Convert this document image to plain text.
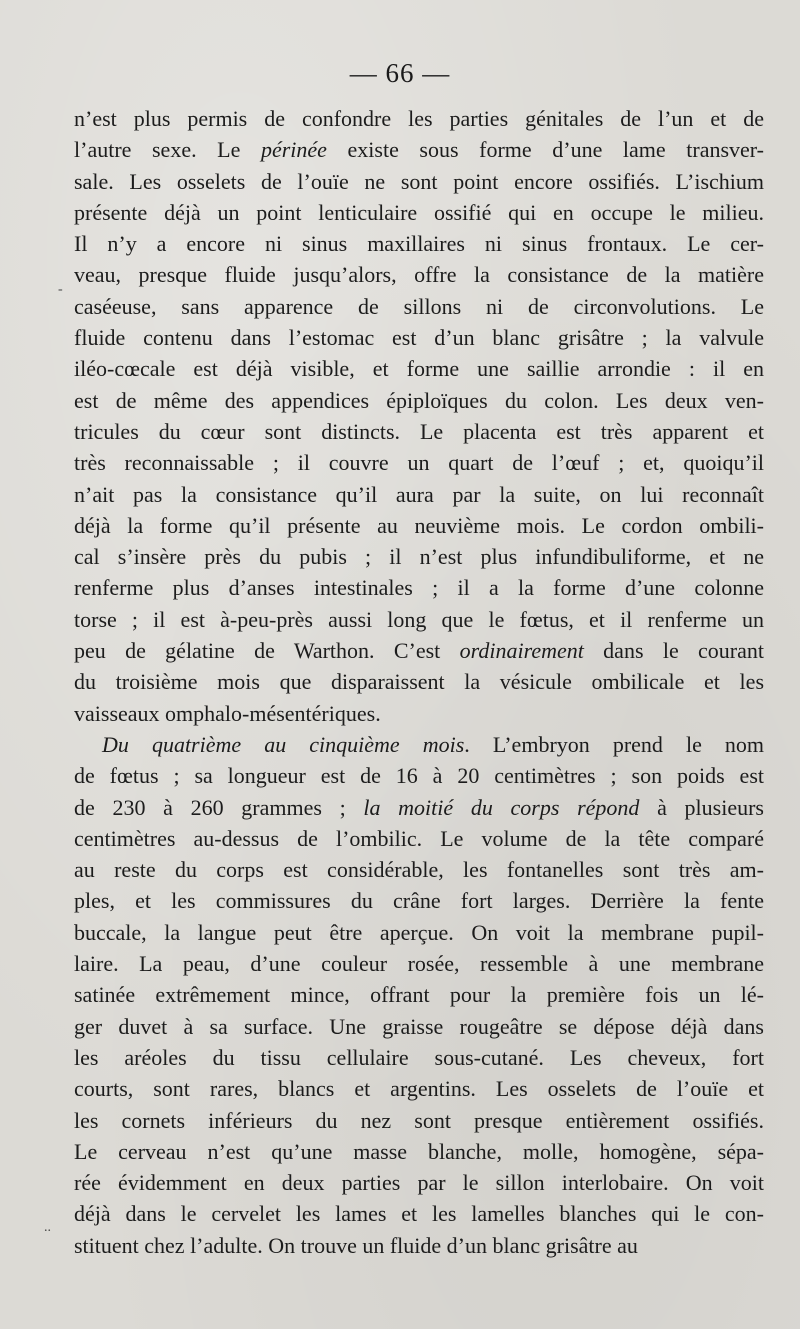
— 66 —
n’est plus permis de confondre les parties génitales de l’un et de
l’autre sexe. Le périnée existe sous forme d’une lame transver-
sale. Les osselets de l’ouïe ne sont point encore ossifiés. L’ischium
présente déjà un point lenticulaire ossifié qui en occupe le milieu.
Il n’y a encore ni sinus maxillaires ni sinus frontaux. Le cer-
veau, presque fluide jusqu’alors, offre la consistance de la matière
caséeuse, sans apparence de sillons ni de circonvolutions. Le
fluide contenu dans l’estomac est d’un blanc grisâtre ; la valvule
iléo-cœcale est déjà visible, et forme une saillie arrondie : il en
est de même des appendices épiploïques du colon. Les deux ven-
tricules du cœur sont distincts. Le placenta est très apparent et
très reconnaissable ; il couvre un quart de l’œuf ; et, quoiqu’il
n’ait pas la consistance qu’il aura par la suite, on lui reconnaît
déjà la forme qu’il présente au neuvième mois. Le cordon ombili-
cal s’insère près du pubis ; il n’est plus infundibuliforme, et ne
renferme plus d’anses intestinales ; il a la forme d’une colonne
torse ; il est à-peu-près aussi long que le fœtus, et il renferme un
peu de gélatine de Warthon. C’est ordinairement dans le courant
du troisième mois que disparaissent la vésicule ombilicale et les
vaisseaux omphalo-mésentériques.
Du quatrième au cinquième mois. L’embryon prend le nom
de fœtus ; sa longueur est de 16 à 20 centimètres ; son poids est
de 230 à 260 grammes ; la moitié du corps répond à plusieurs
centimètres au-dessus de l’ombilic. Le volume de la tête comparé
au reste du corps est considérable, les fontanelles sont très am-
ples, et les commissures du crâne fort larges. Derrière la fente
buccale, la langue peut être aperçue. On voit la membrane pupil-
laire. La peau, d’une couleur rosée, ressemble à une membrane
satinée extrêmement mince, offrant pour la première fois un lé-
ger duvet à sa surface. Une graisse rougeâtre se dépose déjà dans
les aréoles du tissu cellulaire sous-cutané. Les cheveux, fort
courts, sont rares, blancs et argentins. Les osselets de l’ouïe et
les cornets inférieurs du nez sont presque entièrement ossifiés.
Le cerveau n’est qu’une masse blanche, molle, homogène, sépa-
rée évidemment en deux parties par le sillon interlobaire. On voit
déjà dans le cervelet les lames et les lamelles blanches qui le con-
stituent chez l’adulte. On trouve un fluide d’un blanc grisâtre au
-
..
